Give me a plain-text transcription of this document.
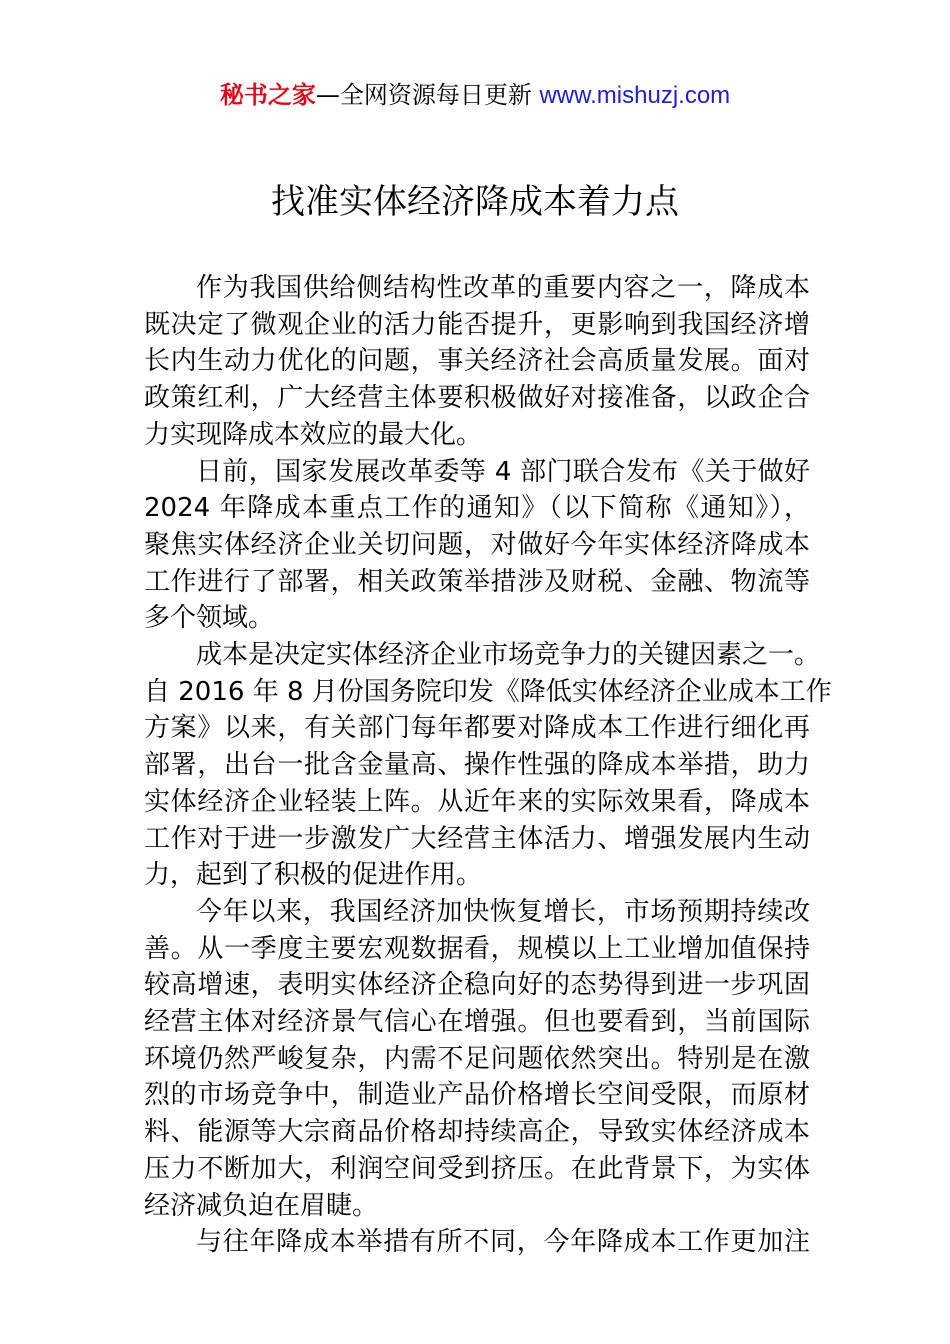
秘书之家—全网资源每日更新 www.mishuzj.com
找准实体经济降成本着力点

作为我国供给侧结构性改革的重要内容之一，降成本
既决定了微观企业的活力能否提升，更影响到我国经济增
长内生动力优化的问题，事关经济社会高质量发展。面对
政策红利，广大经营主体要积极做好对接准备，以政企合
力实现降成本效应的最大化。

日前，国家发展改革委等 4 部门联合发布《关于做好
2024 年降成本重点工作的通知》（以下简称《通知》），
聚焦实体经济企业关切问题，对做好今年实体经济降成本
工作进行了部署，相关政策举措涉及财税、金融、物流等
多个领域。

成本是决定实体经济企业市场竞争力的关键因素之一。
自 2016 年 8 月份国务院印发《降低实体经济企业成本工作
方案》以来，有关部门每年都要对降成本工作进行细化再
部署，出台一批含金量高、操作性强的降成本举措，助力
实体经济企业轻装上阵。从近年来的实际效果看，降成本
工作对于进一步激发广大经营主体活力、增强发展内生动
力，起到了积极的促进作用。

今年以来，我国经济加快恢复增长，市场预期持续改
善。从一季度主要宏观数据看，规模以上工业增加值保持
较高增速，表明实体经济企稳向好的态势得到进一步巩固
经营主体对经济景气信心在增强。但也要看到，当前国际
环境仍然严峻复杂，内需不足问题依然突出。特别是在激
烈的市场竞争中，制造业产品价格增长空间受限，而原材
料、能源等大宗商品价格却持续高企，导致实体经济成本
压力不断加大，利润空间受到挤压。在此背景下，为实体
经济减负迫在眉睫。

与往年降成本举措有所不同，今年降成本工作更加注
